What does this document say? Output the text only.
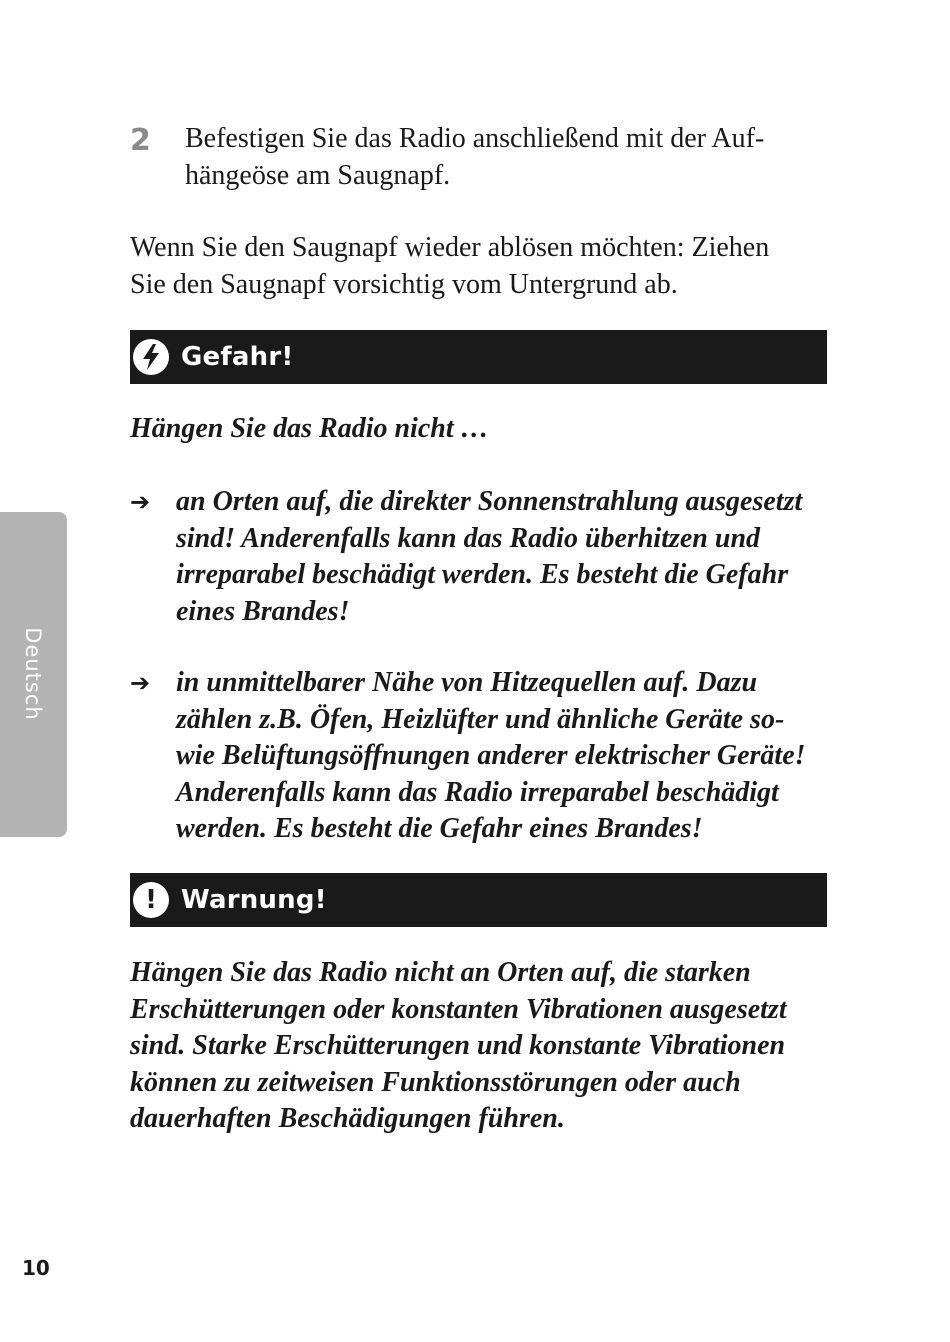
2	Befestigen Sie das Radio anschließend mit der Auf-
hängeöse am Saugnapf.
Wenn Sie den Saugnapf wieder ablösen möchten: Ziehen
Sie den Saugnapf vorsichtig vom Untergrund ab.
Gefahr!
Hängen Sie das Radio nicht …
➔ an Orten auf, die direkter Sonnenstrahlung ausgesetzt
sind! Anderenfalls kann das Radio überhitzen und
irreparabel beschädigt werden. Es besteht die Gefahr
eines Brandes!
➔ in unmittelbarer Nähe von Hitzequellen auf. Dazu
zählen z.B. Öfen, Heizlüfter und ähnliche Geräte so-
wie Belüftungsöffnungen anderer elektrischer Geräte!
Anderenfalls kann das Radio irreparabel beschädigt
werden. Es besteht die Gefahr eines Brandes!
! Warnung!
Hängen Sie das Radio nicht an Orten auf, die starken
Erschütterungen oder konstanten Vibrationen ausgesetzt
sind. Starke Erschütterungen und konstante Vibrationen
können zu zeitweisen Funktionsstörungen oder auch
dauerhaften Beschädigungen führen.
Deutsch
10
